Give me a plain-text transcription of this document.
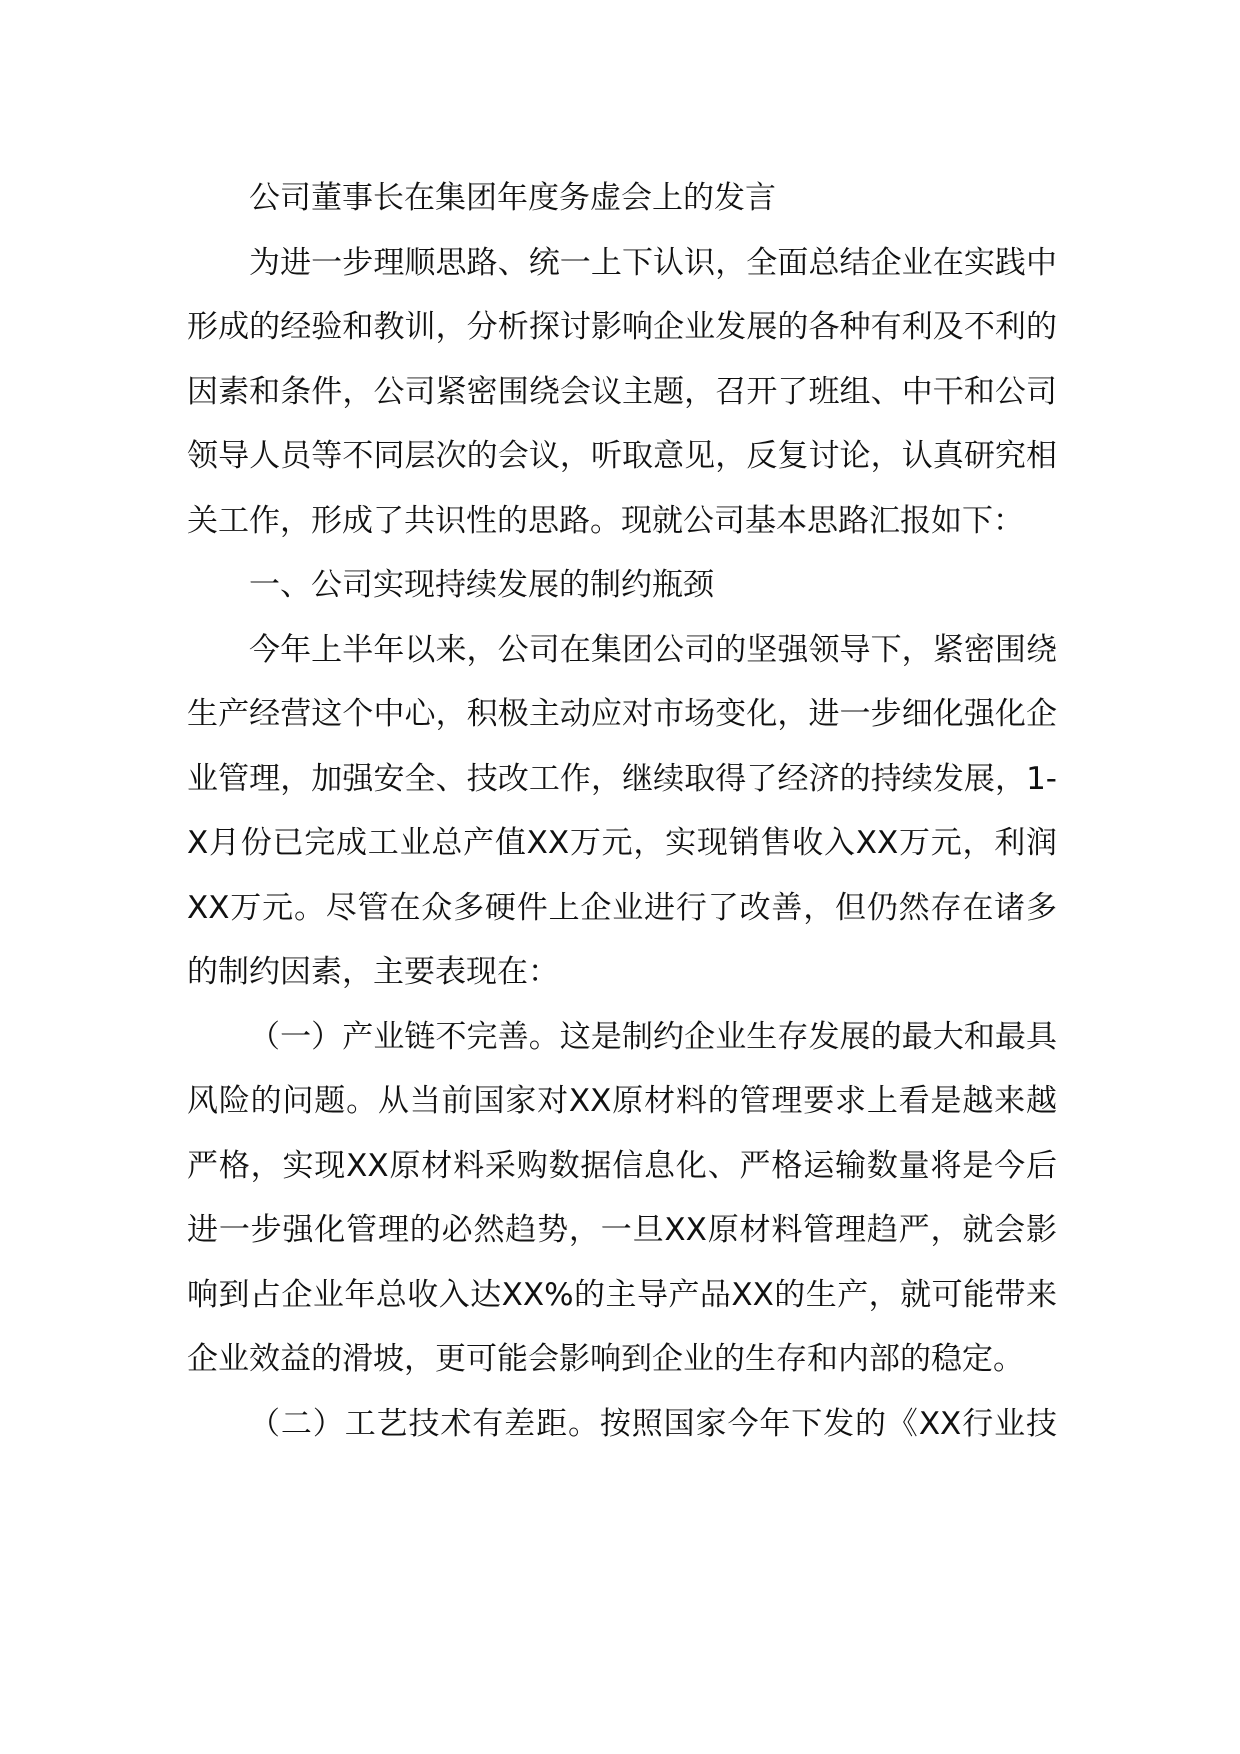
公司董事长在集团年度务虚会上的发言

为进一步理顺思路、统一上下认识，全面总结企业在实践中形成的经验和教训，分析探讨影响企业发展的各种有利及不利的因素和条件，公司紧密围绕会议主题，召开了班组、中干和公司领导人员等不同层次的会议，听取意见，反复讨论，认真研究相关工作，形成了共识性的思路。现就公司基本思路汇报如下：

一、公司实现持续发展的制约瓶颈

今年上半年以来，公司在集团公司的坚强领导下，紧密围绕生产经营这个中心，积极主动应对市场变化，进一步细化强化企业管理，加强安全、技改工作，继续取得了经济的持续发展，1-X月份已完成工业总产值XX万元，实现销售收入XX万元，利润XX万元。尽管在众多硬件上企业进行了改善，但仍然存在诸多的制约因素，主要表现在：

（一）产业链不完善。这是制约企业生存发展的最大和最具风险的问题。从当前国家对XX原材料的管理要求上看是越来越严格，实现XX原材料采购数据信息化、严格运输数量将是今后进一步强化管理的必然趋势，一旦XX原材料管理趋严，就会影响到占企业年总收入达XX%的主导产品XX的生产，就可能带来企业效益的滑坡，更可能会影响到企业的生存和内部的稳定。

（二）工艺技术有差距。按照国家今年下发的《XX行业技
